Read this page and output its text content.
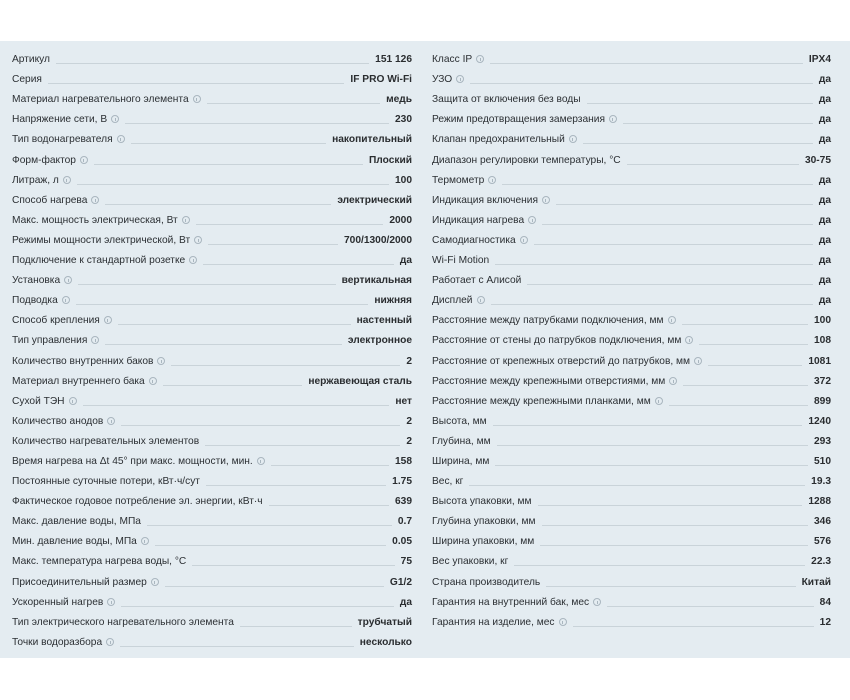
Артикул	151 126
Серия	IF PRO Wi-Fi
Материал нагревательного элемента	медь
Напряжение сети, В	230
Тип водонагревателя	накопительный
Форм-фактор	Плоский
Литраж, л	100
Способ нагрева	электрический
Макс. мощность электрическая, Вт	2000
Режимы мощности электрической, Вт	700/1300/2000
Подключение к стандартной розетке	да
Установка	вертикальная
Подводка	нижняя
Способ крепления	настенный
Тип управления	электронное
Количество внутренних баков	2
Материал внутреннего бака	нержавеющая сталь
Сухой ТЭН	нет
Количество анодов	2
Количество нагревательных элементов	2
Время нагрева на Δt 45° при макс. мощности, мин.	158
Постоянные суточные потери, кВт·ч/сут	1.75
Фактическое годовое потребление эл. энергии, кВт·ч	639
Макс. давление воды, МПа	0.7
Мин. давление воды, МПа	0.05
Макс. температура нагрева воды, °С	75
Присоединительный размер	G1/2
Ускоренный нагрев	да
Тип электрического нагревательного элемента	трубчатый
Точки водоразбора	несколько
Класс IP	IPX4
УЗО	да
Защита от включения без воды	да
Режим предотвращения замерзания	да
Клапан предохранительный	да
Диапазон регулировки температуры, °С	30-75
Термометр	да
Индикация включения	да
Индикация нагрева	да
Самодиагностика	да
Wi-Fi Motion	да
Работает с Алисой	да
Дисплей	да
Расстояние между патрубками подключения, мм	100
Расстояние от стены до патрубков подключения, мм	108
Расстояние от крепежных отверстий до патрубков, мм	1081
Расстояние между крепежными отверстиями, мм	372
Расстояние между крепежными планками, мм	899
Высота, мм	1240
Глубина, мм	293
Ширина, мм	510
Вес, кг	19.3
Высота упаковки, мм	1288
Глубина упаковки, мм	346
Ширина упаковки, мм	576
Вес упаковки, кг	22.3
Страна производитель	Китай
Гарантия на внутренний бак, мес	84
Гарантия на изделие, мес	12
